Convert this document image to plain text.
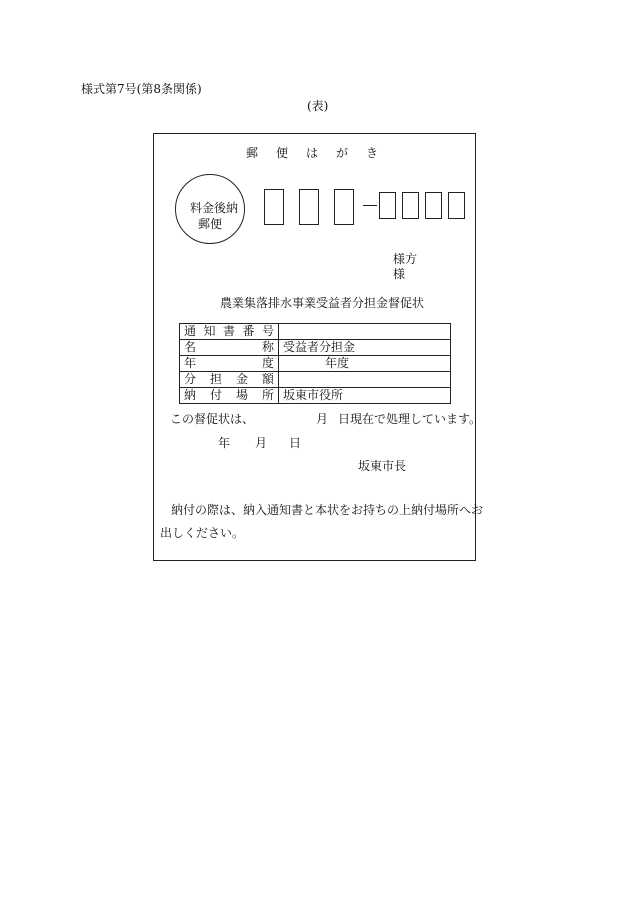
様式第7号(第8条関係)
(表)
郵 便 は が き
料金後納
郵便
様方
様
農業集落排水事業受益者分担金督促状
通知書番号	
名称	受益者分担金
年度	年度
分担金額	
納付場所	坂東市役所
この督促状は、	月 日現在で処理しています。
年 月 日
坂東市長
納付の際は、納入通知書と本状をお持ちの上納付場所へお
出しください。
